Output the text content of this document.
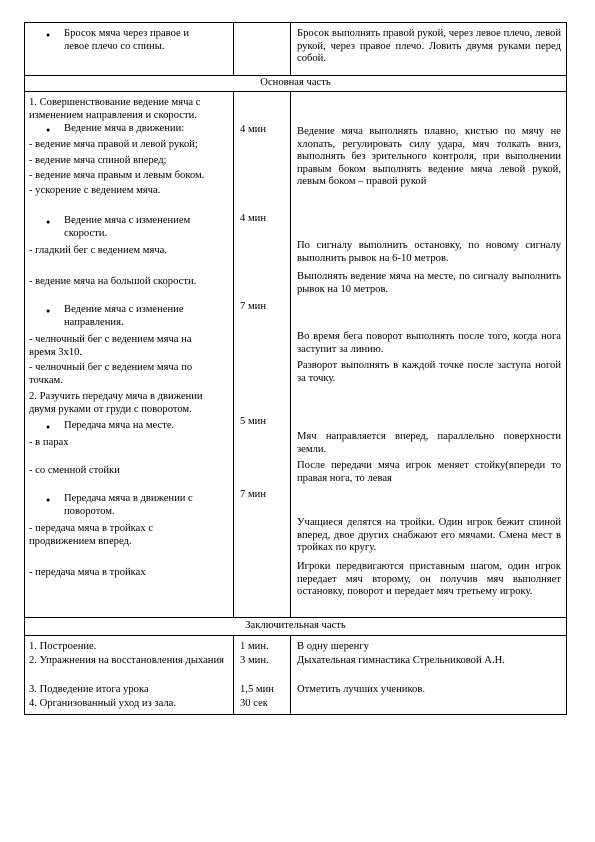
● Бросок мяча через правое и левое плечо со спины.
Бросок выполнять правой рукой, через левое плечо, левой рукой, через правое плечо. Ловить двумя руками перед собой.
Основная часть
Заключительная часть
1. Совершенствование ведение мяча с изменением направления и скорости.
● Ведение мяча в движении:
- ведение мяча правой и левой рукой;
- ведение мяча спиной вперед;
- ведение мяча правым и левым боком.
- ускорение с ведением мяча.
● Ведение мяча с изменением скорости.
- гладкий бег с ведением мяча.
- ведение мяча на большой скорости.
● Ведение мяча с изменение направления.
- челночный бег с ведением мяча на время 3х10.
- челночный бег с ведением мяча по точкам.
2. Разучить передачу мяча в движении двумя руками от груди с поворотом.
● Передача мяча на месте.
- в парах
- со сменной стойки
● Передача мяча в движении с поворотом.
- передача мяча в тройках с продвижением вперед.
- передача мяча в тройках
4 мин
4 мин
7 мин
5 мин
7 мин
Ведение мяча выполнять плавно, кистью по мячу не хлопать, регулировать силу удара, мяч толкать вниз, выполнять без зрительного контроля, при выполнении правым боком выполнять ведение мяча левой рукой, левым боком – правой рукой
По сигналу выполнить остановку, по новому сигналу выполнить рывок на 6-10 метров.
Выполнять ведение мяча на месте, по сигналу выполнить рывок на 10 метров.
Во время бега поворот выполнять после того, когда нога заступит за линию.
Разворот выполнять в каждой точке после заступа ногой за точку.
Мяч направляется вперед, параллельно поверхности земли.
После передачи мяча игрок меняет стойку(впереди то правая нога, то левая
Учащиеся делятся на тройки. Один игрок бежит спиной вперед, двое других снабжают его мячами. Смена мест в тройках по кругу.
Игроки передвигаются приставным шагом, один игрок передает мяч второму, он получив мяч выполняет остановку, поворот и передает мяч третьему игроку.
1. Построение.
2. Упражнения на восстановления дыхания
3. Подведение итога урока
4. Организованный уход из зала.
1 мин.
3 мин.
1,5 мин
30 сек
В одну шеренгу
Дыхательная гимнастика Стрельниковой А.Н.
Отметить лучших учеников.
